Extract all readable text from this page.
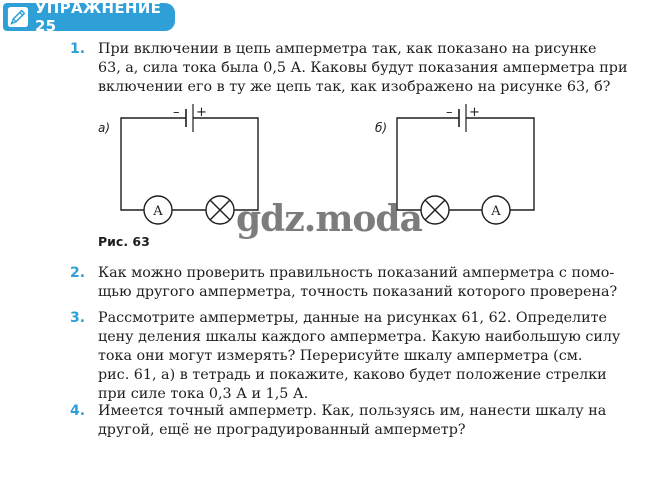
УПРАЖНЕНИЕ 25
1. При включении в цепь амперметра так, как показано на рисунке
63, а, сила тока была 0,5 А. Каковы будут показания амперметра при
включении его в ту же цепь так, как изображено на рисунке 63, б?
а)	б)
A
– +
A
– +
gdz.moda
Рис. 63
2. Как можно проверить правильность показаний амперметра с помо-
щью другого амперметра, точность показаний которого проверена?
3. Рассмотрите амперметры, данные на рисунках 61, 62. Определите
цену деления шкалы каждого амперметра. Какую наибольшую силу
тока они могут измерять? Перерисуйте шкалу амперметра (см.
рис. 61, а) в тетрадь и покажите, каково будет положение стрелки
при силе тока 0,3 А и 1,5 А.
4. Имеется точный амперметр. Как, пользуясь им, нанести шкалу на
другой, ещё не проградуированный амперметр?
